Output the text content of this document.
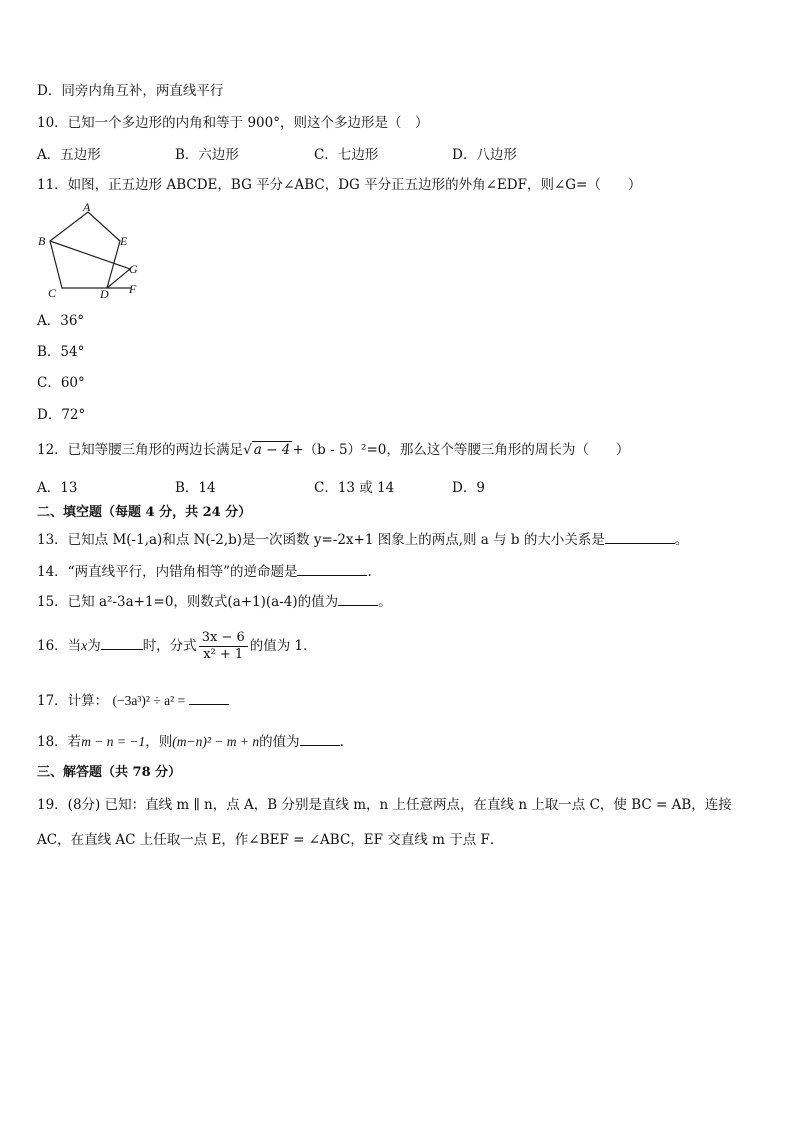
D．同旁内角互补，两直线平行
10．已知一个多边形的内角和等于 900°，则这个多边形是（　）
A．五边形	B．六边形	C．七边形	D．八边形
11．如图，正五边形 ABCDE，BG 平分∠ABC，DG 平分正五边形的外角∠EDF，则∠G=（　　）
A
B
C	D
E
F
G
A．36°
B．54°
C．60°
D．72°
12．已知等腰三角形的两边长满足√ a − 4 +（b - 5）²=0，那么这个等腰三角形的周长为（　　）
A．13	B．14	C．13 或 14	D．9
二、填空题（每题 4 分，共 24 分）
13．已知点 M(-1,a)和点 N(-2,b)是一次函数 y=-2x+1 图象上的两点,则 a 与 b 的大小关系是	。
14．“两直线平行，内错角相等”的逆命题是	.
15．已知 a²-3a+1=0，则数式(a+1)(a-4)的值为	。
16．当x为	时，分式 $\frac{3x - 6}{\text{x² + 1}}$ 的值为 1．
17．计算： (−3a³)² ÷ a² =
18．若m − n = −1，则(m−n)² − m + n的值为	.
三、解答题（共 78 分）
19．(8分) 已知：直线 m ∥ n，点 A，B 分别是直线 m，n 上任意两点，在直线 n 上取一点 C，使 BC = AB，连接
AC，在直线 AC 上任取一点 E，作∠BEF = ∠ABC，EF 交直线 m 于点 F．
